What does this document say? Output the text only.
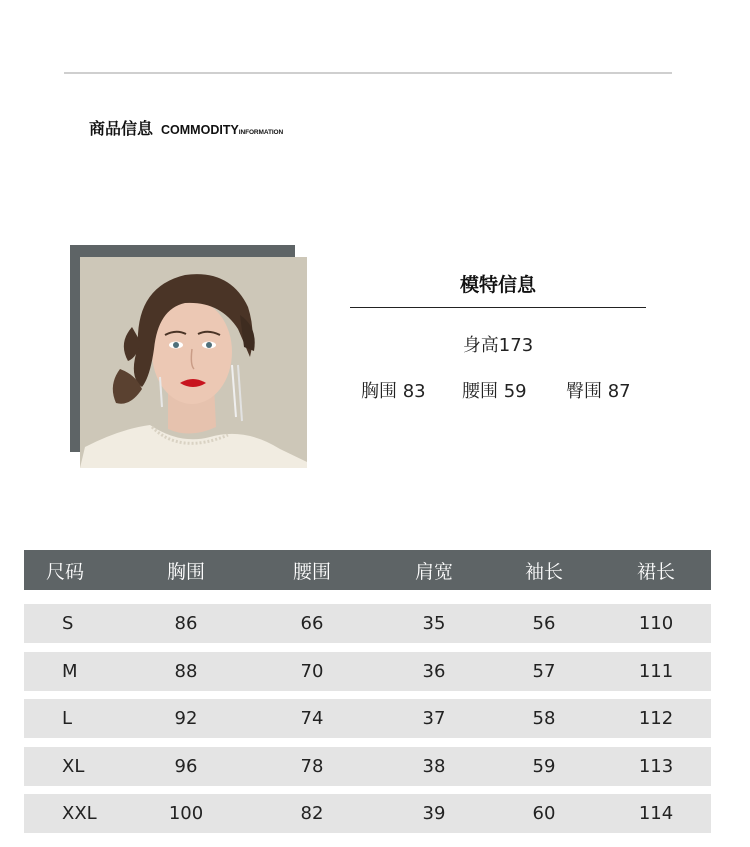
商品信息 COMMODITY INFORMATION
模特信息
身高173
胸围 83 腰围 59 臀围 87
尺码	胸围	腰围	肩宽	袖长	裙长
S	86	66	35	56	110
M	88	70	36	57	111
L	92	74	37	58	112
XL	96	78	38	59	113
XXL	100	82	39	60	114
